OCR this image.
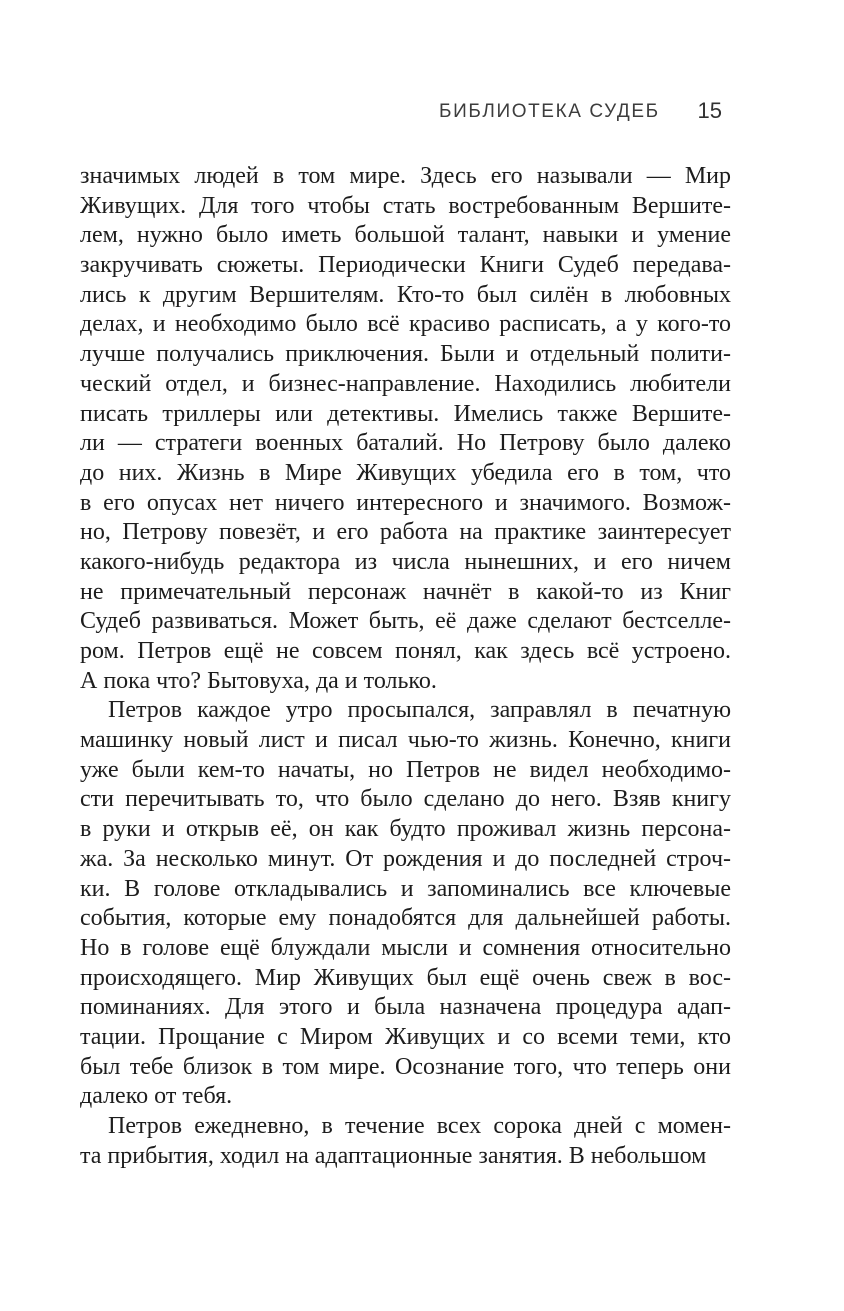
БИБЛИОТЕКА СУДЕБ 15
значимых людей в том мире. Здесь его называли — Мир
Живущих. Для того чтобы стать востребованным Вершите-
лем, нужно было иметь большой талант, навыки и умение
закручивать сюжеты. Периодически Книги Судеб передава-
лись к другим Вершителям. Кто-то был силён в любовных
делах, и необходимо было всё красиво расписать, а у кого-то
лучше получались приключения. Были и отдельный полити-
ческий отдел, и бизнес-направление. Находились любители
писать триллеры или детективы. Имелись также Вершите-
ли — стратеги военных баталий. Но Петрову было далеко
до них. Жизнь в Мире Живущих убедила его в том, что
в его опусах нет ничего интересного и значимого. Возмож-
но, Петрову повезёт, и его работа на практике заинтересует
какого-нибудь редактора из числа нынешних, и его ничем
не примечательный персонаж начнёт в какой-то из Книг
Судеб развиваться. Может быть, её даже сделают бестселле-
ром. Петров ещё не совсем понял, как здесь всё устроено.
А пока что? Бытовуха, да и только.
Петров каждое утро просыпался, заправлял в печатную
машинку новый лист и писал чью-то жизнь. Конечно, книги
уже были кем-то начаты, но Петров не видел необходимо-
сти перечитывать то, что было сделано до него. Взяв книгу
в руки и открыв её, он как будто проживал жизнь персона-
жа. За несколько минут. От рождения и до последней строч-
ки. В голове откладывались и запоминались все ключевые
события, которые ему понадобятся для дальнейшей работы.
Но в голове ещё блуждали мысли и сомнения относительно
происходящего. Мир Живущих был ещё очень свеж в вос-
поминаниях. Для этого и была назначена процедура адап-
тации. Прощание с Миром Живущих и со всеми теми, кто
был тебе близок в том мире. Осознание того, что теперь они
далеко от тебя.
Петров ежедневно, в течение всех сорока дней с момен-
та прибытия, ходил на адаптационные занятия. В небольшом
